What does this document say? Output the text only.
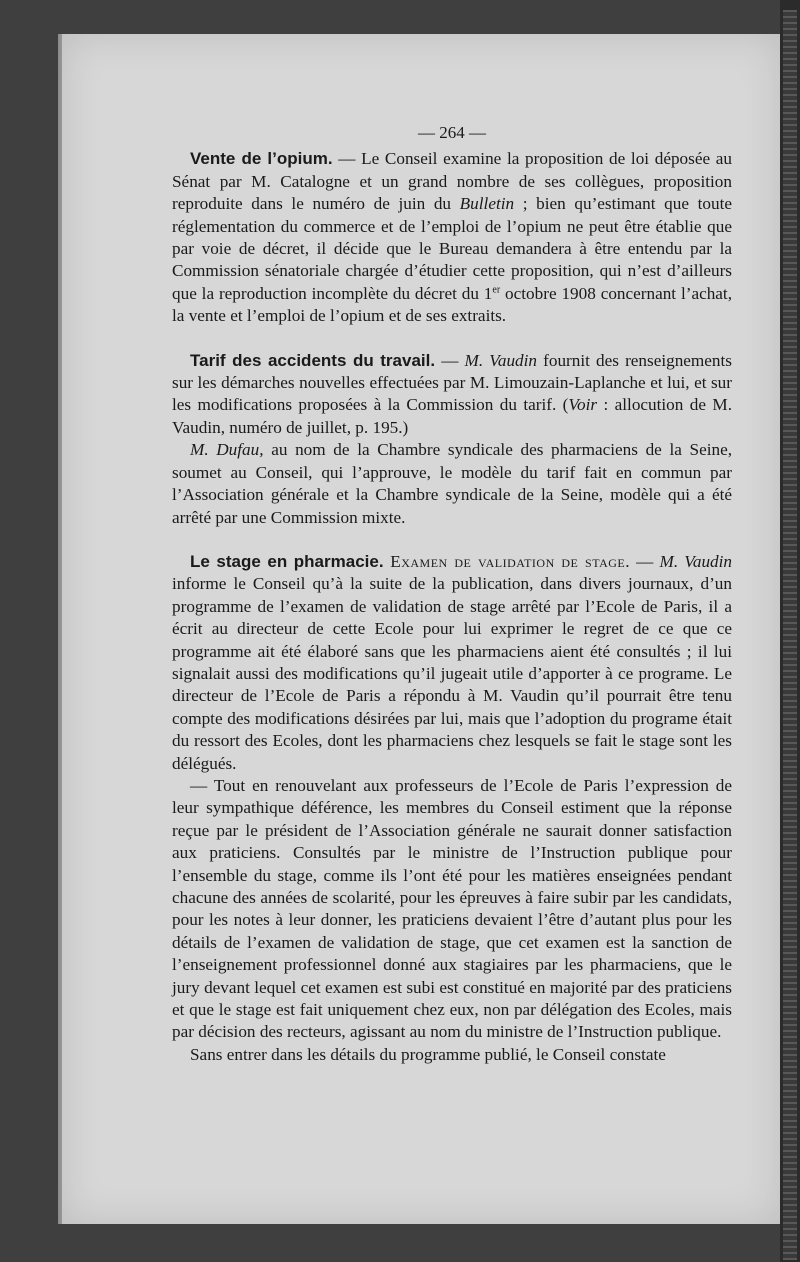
— 264 —

Vente de l’opium. — Le Conseil examine la proposition de loi déposée au Sénat par M. Catalogne et un grand nombre de ses collègues, proposition reproduite dans le numéro de juin du Bulletin ; bien qu’estimant que toute réglementation du commerce et de l’emploi de l’opium ne peut être établie que par voie de décret, il décide que le Bureau demandera à être entendu par la Commission sénatoriale chargée d’étudier cette proposition, qui n’est d’ailleurs que la reproduction incomplète du décret du 1er octobre 1908 concernant l’achat, la vente et l’emploi de l’opium et de ses extraits.

Tarif des accidents du travail. — M. Vaudin fournit des renseignements sur les démarches nouvelles effectuées par M. Limouzain-Laplanche et lui, et sur les modifications proposées à la Commission du tarif. (Voir : allocution de M. Vaudin, numéro de juillet, p. 195.)

M. Dufau, au nom de la Chambre syndicale des pharmaciens de la Seine, soumet au Conseil, qui l’approuve, le modèle du tarif fait en commun par l’Association générale et la Chambre syndicale de la Seine, modèle qui a été arrêté par une Commission mixte.

Le stage en pharmacie. Examen de validation de stage. — M. Vaudin informe le Conseil qu’à la suite de la publication, dans divers journaux, d’un programme de l’examen de validation de stage arrêté par l’Ecole de Paris, il a écrit au directeur de cette Ecole pour lui exprimer le regret de ce que ce programme ait été élaboré sans que les pharmaciens aient été consultés ; il lui signalait aussi des modifications qu’il jugeait utile d’apporter à ce programe. Le directeur de l’Ecole de Paris a répondu à M. Vaudin qu’il pourrait être tenu compte des modifications désirées par lui, mais que l’adoption du programe était du ressort des Ecoles, dont les pharmaciens chez lesquels se fait le stage sont les délégués.

— Tout en renouvelant aux professeurs de l’Ecole de Paris l’expression de leur sympathique déférence, les membres du Conseil estiment que la réponse reçue par le président de l’Association générale ne saurait donner satisfaction aux praticiens. Consultés par le ministre de l’Instruction publique pour l’ensemble du stage, comme ils l’ont été pour les matières enseignées pendant chacune des années de scolarité, pour les épreuves à faire subir par les candidats, pour les notes à leur donner, les praticiens devaient l’être d’autant plus pour les détails de l’examen de validation de stage, que cet examen est la sanction de l’enseignement professionnel donné aux stagiaires par les pharmaciens, que le jury devant lequel cet examen est subi est constitué en majorité par des praticiens et que le stage est fait uniquement chez eux, non par délégation des Ecoles, mais par décision des recteurs, agissant au nom du ministre de l’Instruction publique.

Sans entrer dans les détails du programme publié, le Conseil constate
